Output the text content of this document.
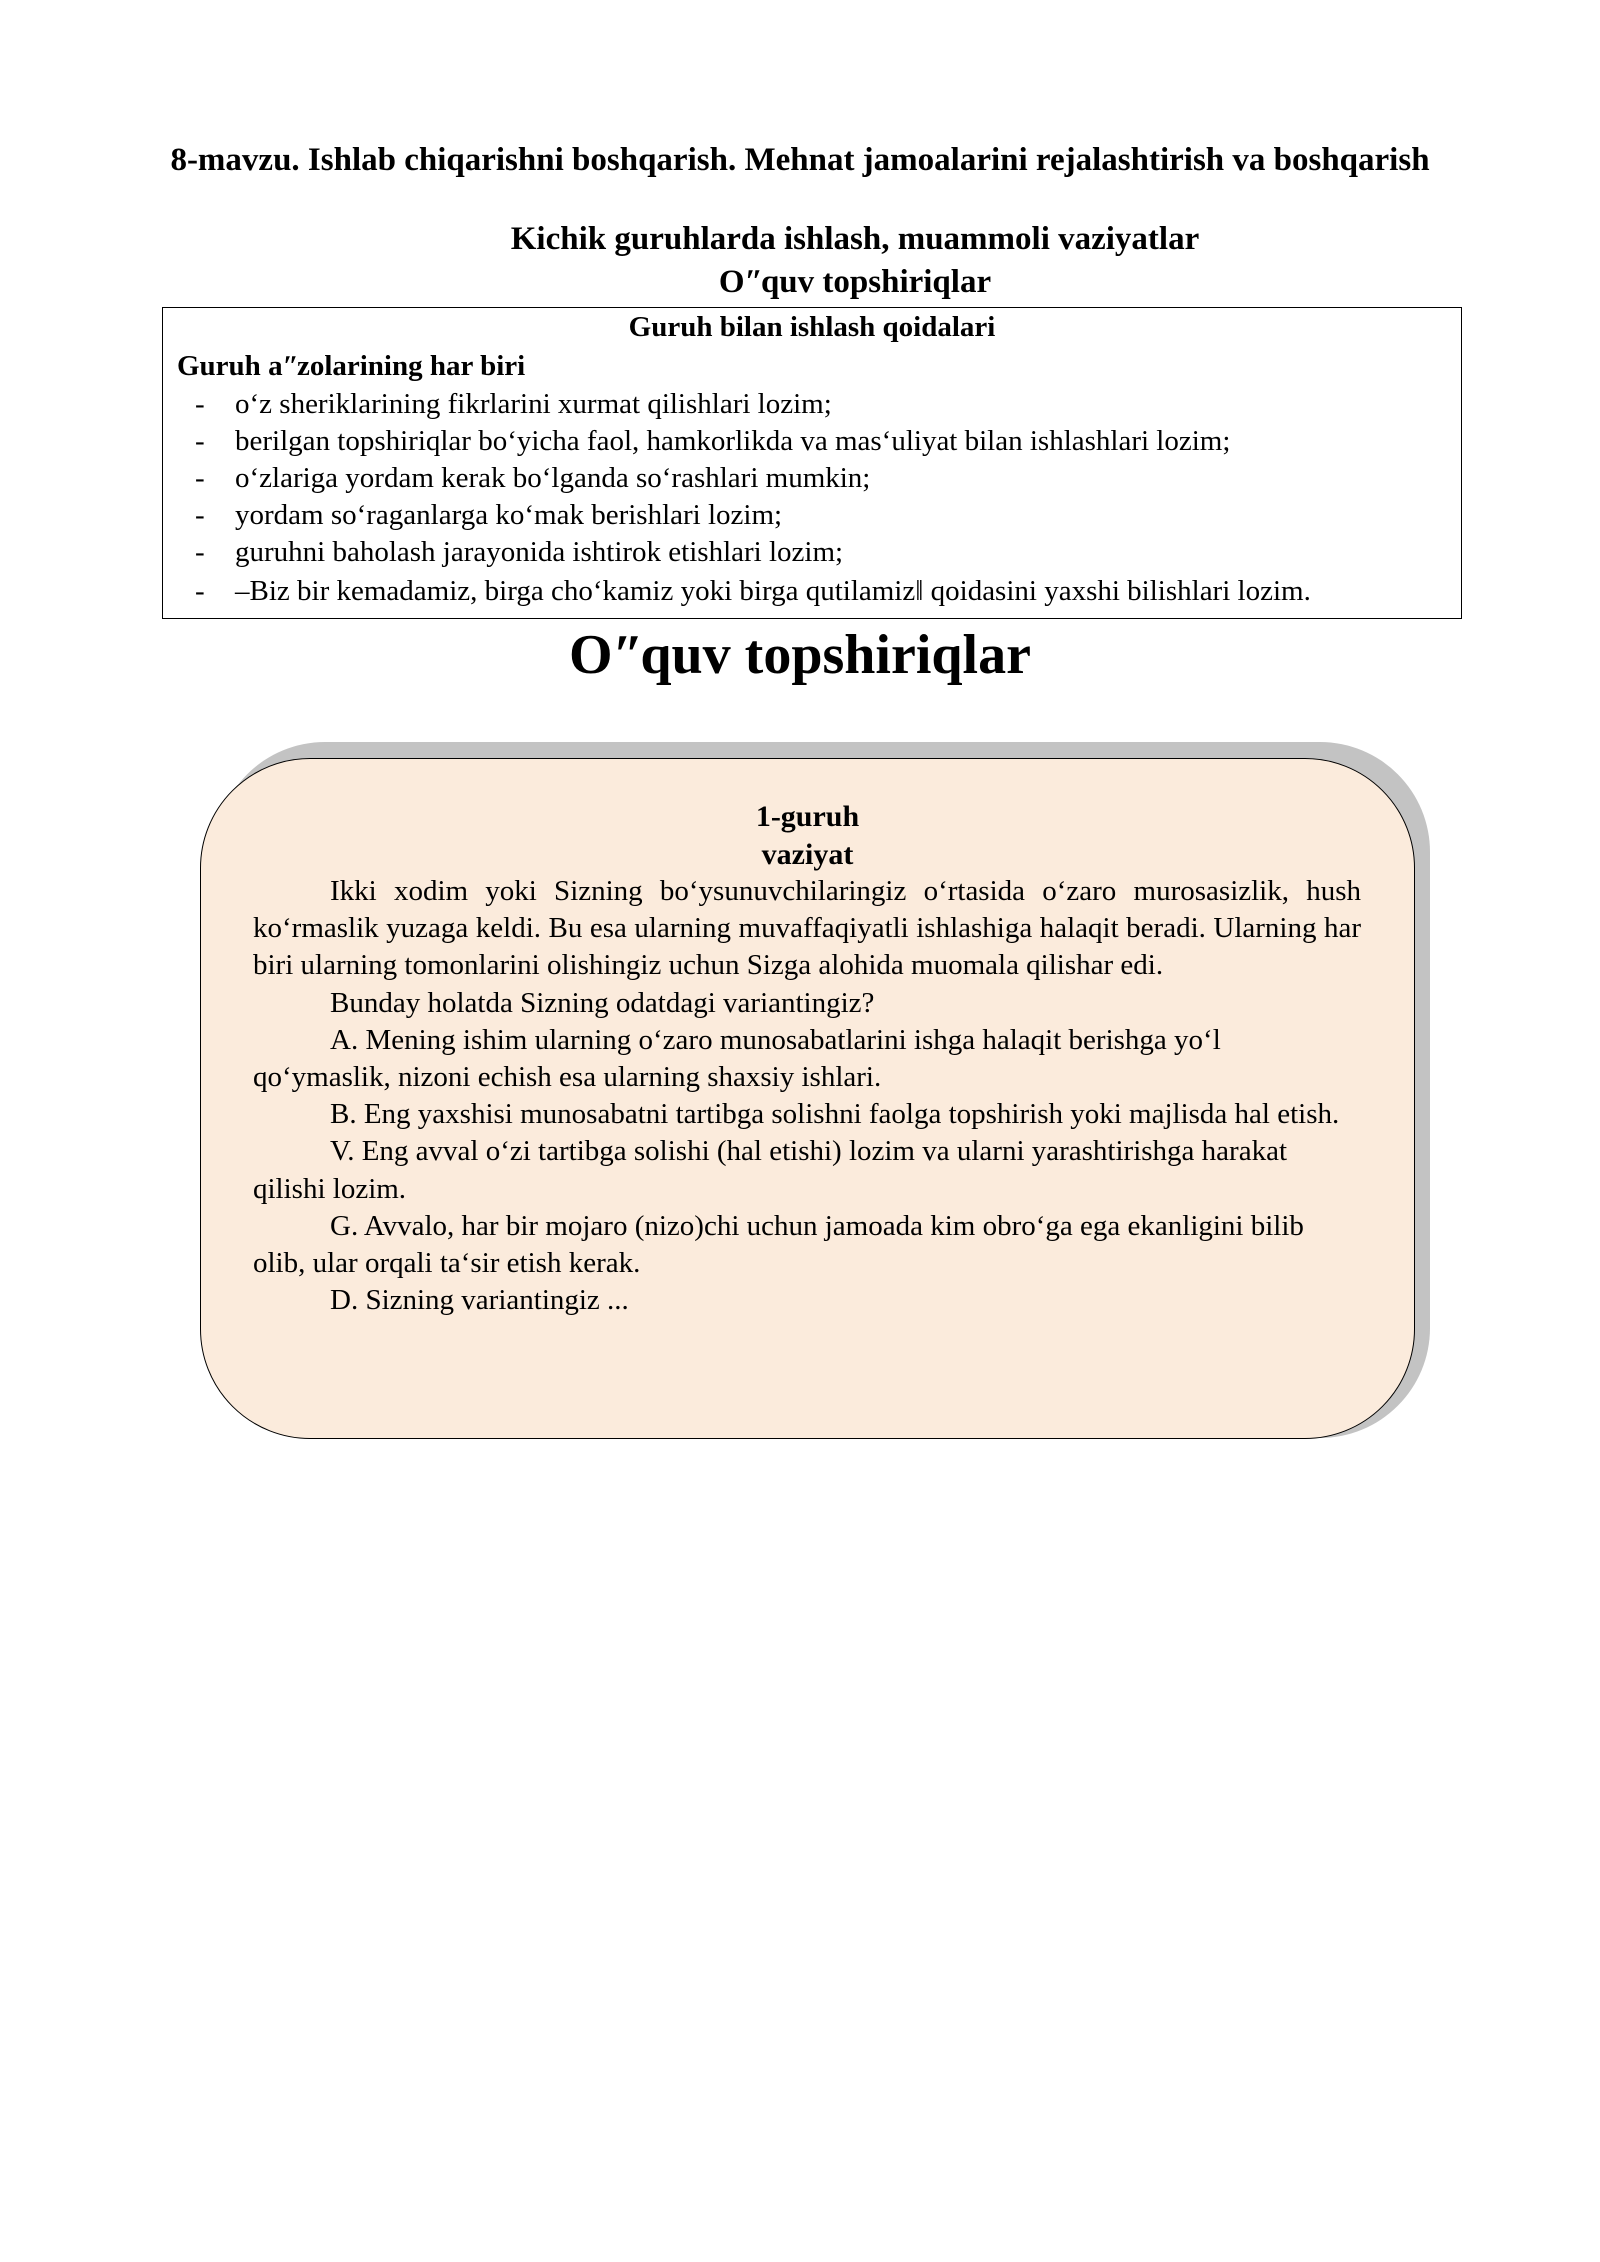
8-mavzu. Ishlab chiqarishni boshqarish. Mehnat jamoalarini rejalashtirish va boshqarish
Kichik guruhlarda ishlash, muammoli vaziyatlar
Oʺquv topshiriqlar
Guruh bilan ishlash qoidalari
Guruh aʺzolarining har biri
- o‘z sheriklarining fikrlarini xurmat qilishlari lozim;
- berilgan topshiriqlar bo‘yicha faol, hamkorlikda va mas‘uliyat bilan ishlashlari lozim;
- o‘zlariga yordam kerak bo‘lganda so‘rashlari mumkin;
- yordam so‘raganlarga ko‘mak berishlari lozim;
- guruhni baholash jarayonida ishtirok etishlari lozim;
- –Biz bir kemadamiz, birga cho‘kamiz yoki birga qutilamiz‖ qoidasini yaxshi bilishlari lozim.
Oʺquv topshiriqlar
1-guruh
vaziyat

Ikki xodim yoki Sizning bo‘ysunuvchilaringiz o‘rtasida o‘zaro murosasizlik, hush ko‘rmaslik yuzaga keldi. Bu esa ularning muvaffaqiyatli ishlashiga halaqit beradi. Ularning har biri ularning tomonlarini olishingiz uchun Sizga alohida muomala qilishar edi.

Bunday holatda Sizning odatdagi variantingiz?

A. Mening ishim ularning o‘zaro munosabatlarini ishga halaqit berishga yo‘l qo‘ymaslik, nizoni echish esa ularning shaxsiy ishlari.

B. Eng yaxshisi munosabatni tartibga solishni faolga topshirish yoki majlisda hal etish.

V. Eng avval o‘zi tartibga solishi (hal etishi) lozim va ularni yarashtirishga harakat qilishi lozim.

G. Avvalo, har bir mojaro (nizo)chi uchun jamoada kim obro‘ga ega ekanligini bilib olib, ular orqali ta‘sir etish kerak.

D. Sizning variantingiz ...
